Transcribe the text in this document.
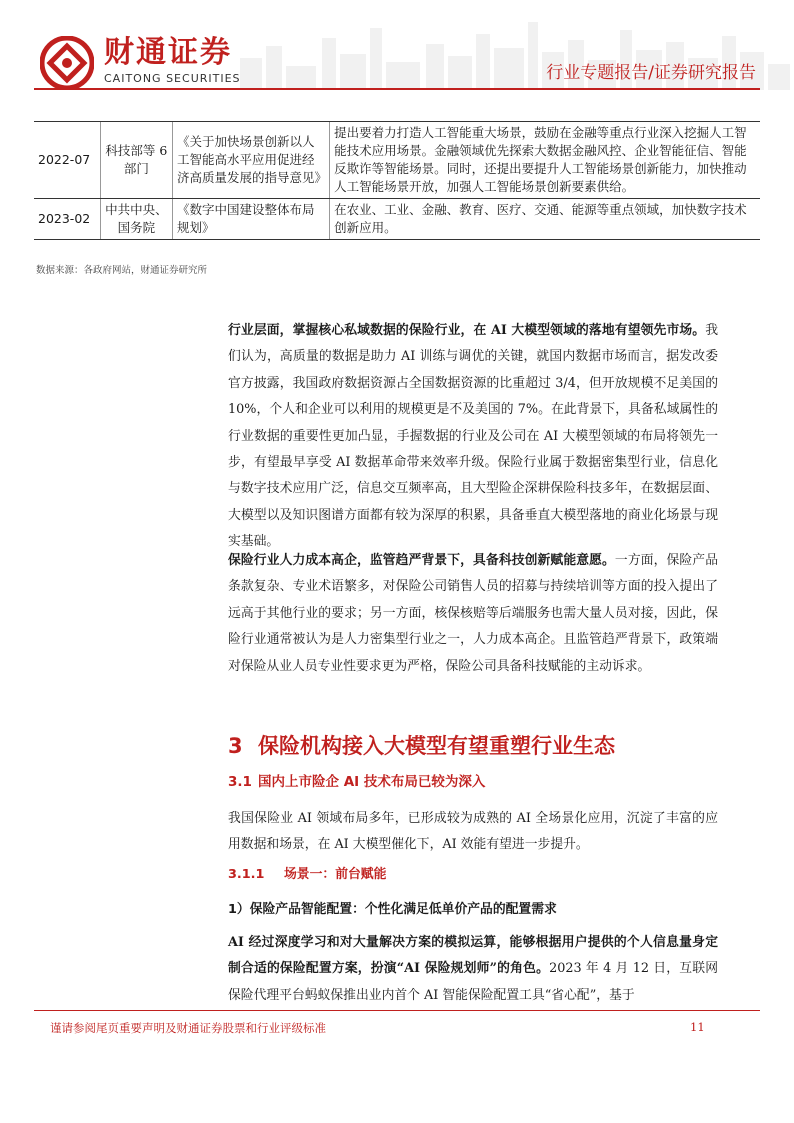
财通证券
CAITONG SECURITIES	行业专题报告/证券研究报告
2022-07	科技部等 6 部门	《关于加快场景创新以人工智能高水平应用促进经济高质量发展的指导意见》	提出要着力打造人工智能重大场景，鼓励在金融等重点行业深入挖掘人工智能技术应用场景。金融领域优先探索大数据金融风控、企业智能征信、智能反欺诈等智能场景。同时，还提出要提升人工智能场景创新能力，加快推动人工智能场景开放，加强人工智能场景创新要素供给。
2023-02	中共中央、国务院	《数字中国建设整体布局规划》	在农业、工业、金融、教育、医疗、交通、能源等重点领域，加快数字技术创新应用。
数据来源：各政府网站，财通证券研究所

行业层面，掌握核心私域数据的保险行业，在 AI 大模型领域的落地有望领先市场。我们认为，高质量的数据是助力 AI 训练与调优的关键，就国内数据市场而言，据发改委官方披露，我国政府数据资源占全国数据资源的比重超过 3/4，但开放规模不足美国的 10%，个人和企业可以利用的规模更是不及美国的 7%。在此背景下，具备私域属性的行业数据的重要性更加凸显，手握数据的行业及公司在 AI 大模型领域的布局将领先一步，有望最早享受 AI 数据革命带来效率升级。保险行业属于数据密集型行业，信息化与数字技术应用广泛，信息交互频率高，且大型险企深耕保险科技多年，在数据层面、大模型以及知识图谱方面都有较为深厚的积累，具备垂直大模型落地的商业化场景与现实基础。

保险行业人力成本高企，监管趋严背景下，具备科技创新赋能意愿。一方面，保险产品条款复杂、专业术语繁多，对保险公司销售人员的招募与持续培训等方面的投入提出了远高于其他行业的要求；另一方面，核保核赔等后端服务也需大量人员对接，因此，保险行业通常被认为是人力密集型行业之一，人力成本高企。且监管趋严背景下，政策端对保险从业人员专业性要求更为严格，保险公司具备科技赋能的主动诉求。

3 保险机构接入大模型有望重塑行业生态
3.1 国内上市险企 AI 技术布局已较为深入

我国保险业 AI 领域布局多年，已形成较为成熟的 AI 全场景化应用，沉淀了丰富的应用数据和场景，在 AI 大模型催化下，AI 效能有望进一步提升。

3.1.1 场景一：前台赋能
1）保险产品智能配置：个性化满足低单价产品的配置需求

AI 经过深度学习和对大量解决方案的模拟运算，能够根据用户提供的个人信息量身定制合适的保险配置方案，扮演“AI 保险规划师”的角色。2023 年 4 月 12 日，互联网保险代理平台蚂蚁保推出业内首个 AI 智能保险配置工具“省心配”，基于

谨请参阅尾页重要声明及财通证券股票和行业评级标准	11
